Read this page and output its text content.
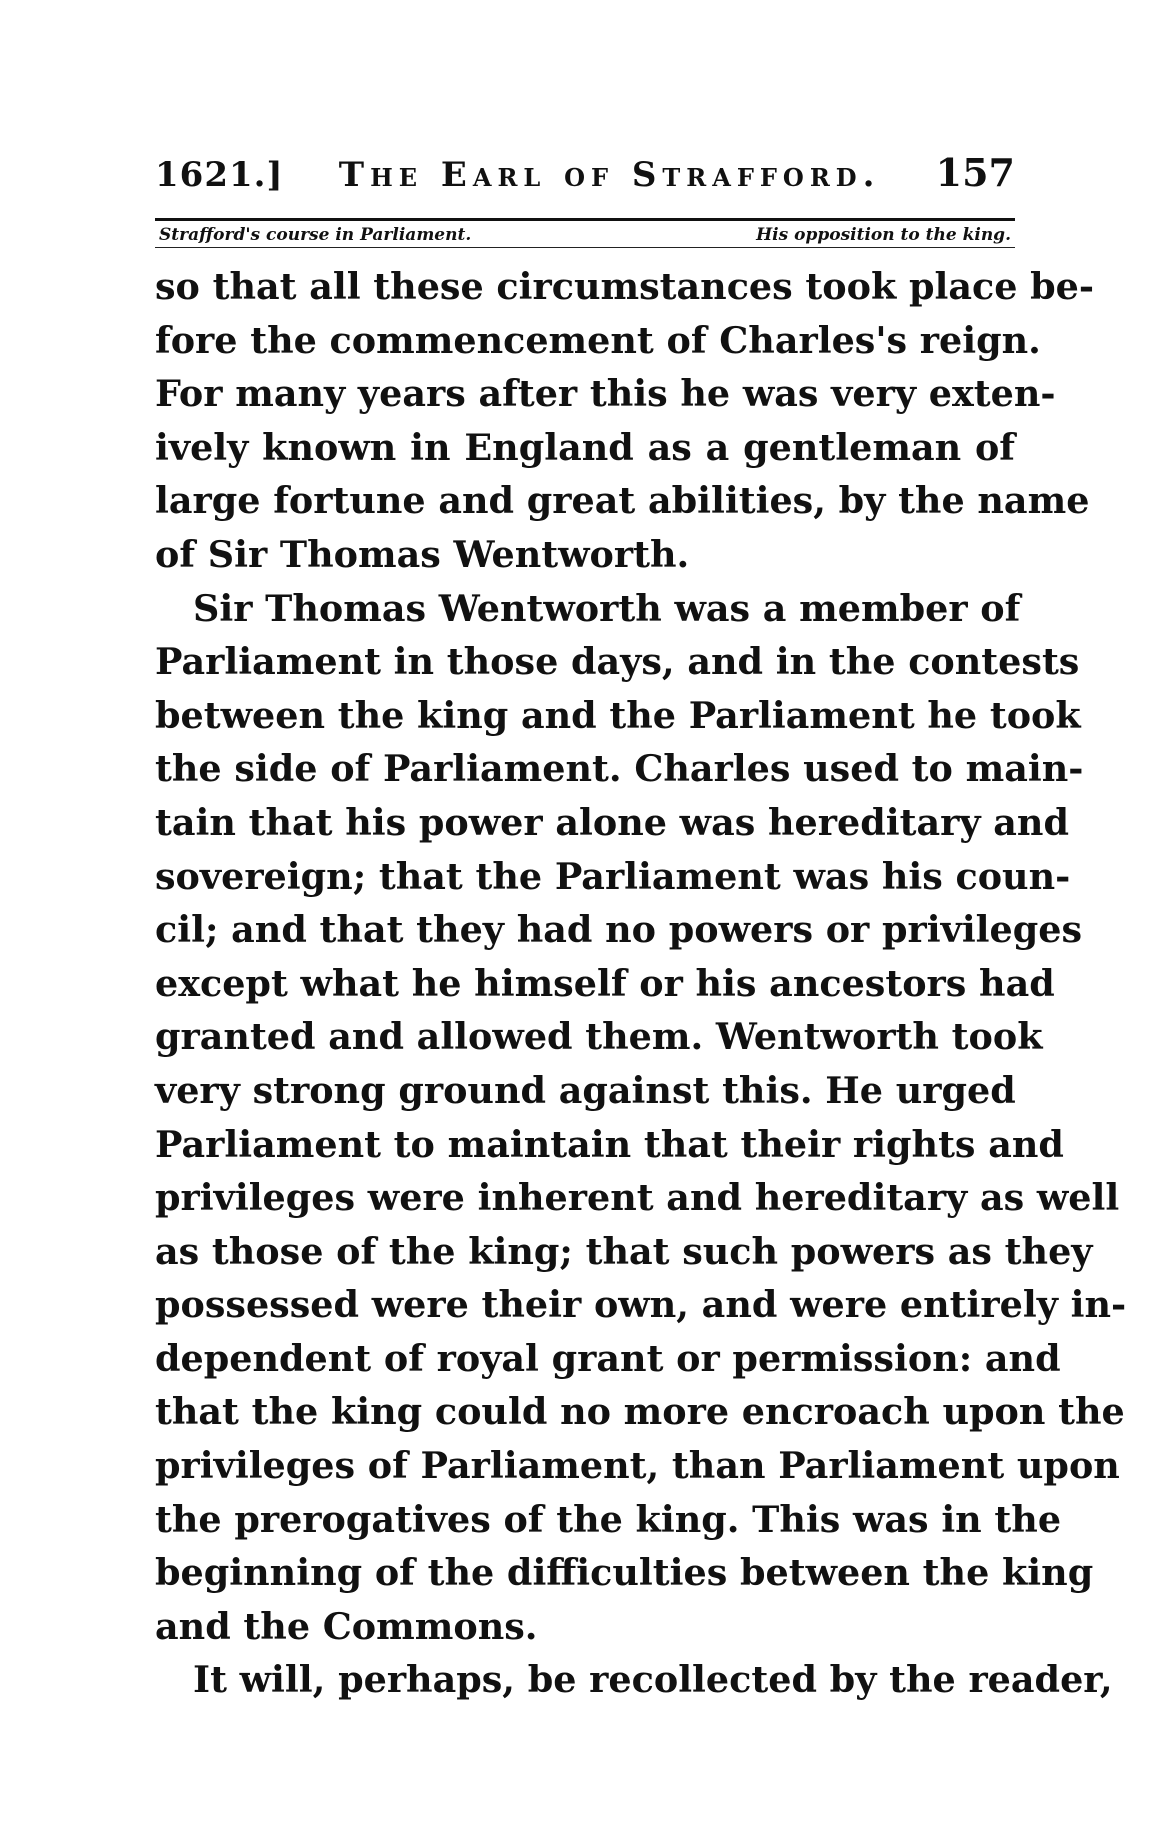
1621.]	The Earl of Strafford.	157
Strafford's course in Parliament.	His opposition to the king.

so that all these circumstances took place be-
fore the commencement of Charles's reign.
For many years after this he was very exten-
ively known in England as a gentleman of
large fortune and great abilities, by the name
of Sir Thomas Wentworth.

Sir Thomas Wentworth was a member of
Parliament in those days, and in the contests
between the king and the Parliament he took
the side of Parliament. Charles used to main-
tain that his power alone was hereditary and
sovereign; that the Parliament was his coun-
cil; and that they had no powers or privileges
except what he himself or his ancestors had
granted and allowed them. Wentworth took
very strong ground against this. He urged
Parliament to maintain that their rights and
privileges were inherent and hereditary as well
as those of the king; that such powers as they
possessed were their own, and were entirely in-
dependent of royal grant or permission: and
that the king could no more encroach upon the
privileges of Parliament, than Parliament upon
the prerogatives of the king. This was in the
beginning of the difficulties between the king
and the Commons.

It will, perhaps, be recollected by the reader,
